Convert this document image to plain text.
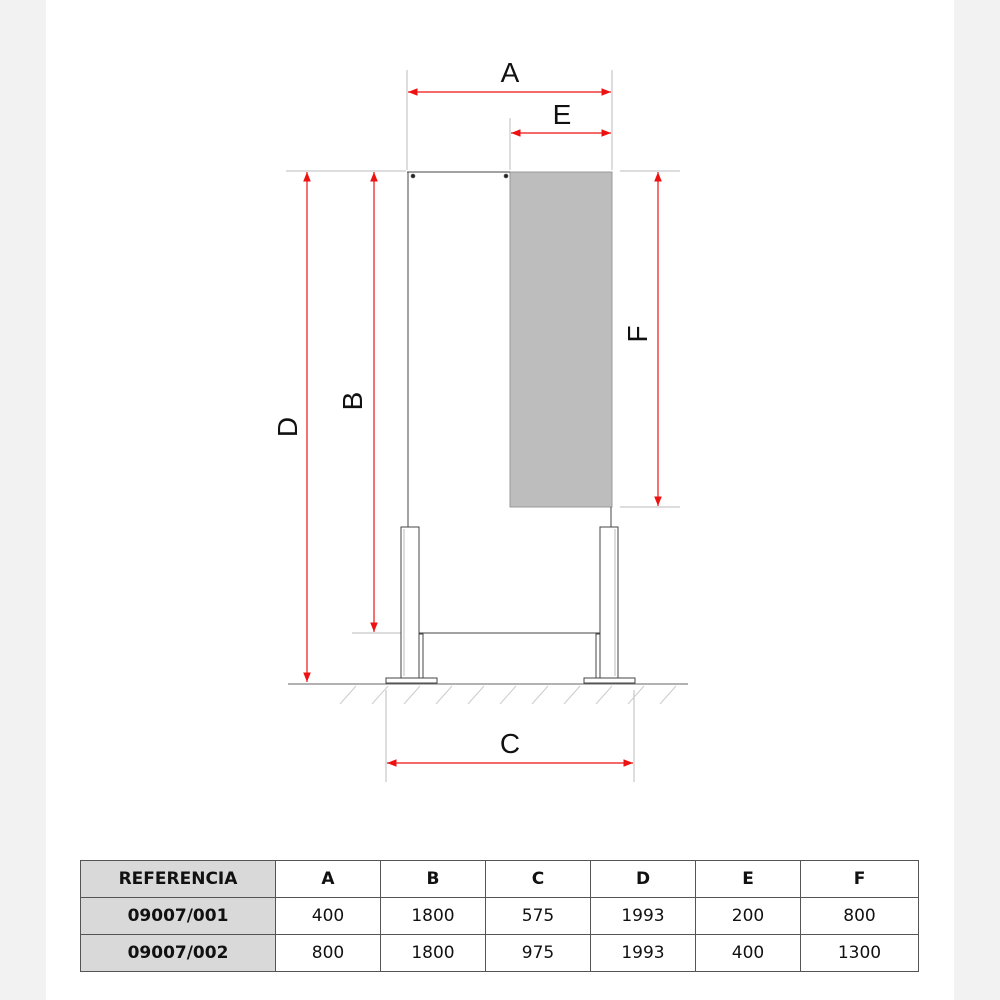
A
E
C
D
B
F
REFERENCIA	A	B	C	D	E	F
09007/001	400	1800	575	1993	200	800
09007/002	800	1800	975	1993	400	1300
